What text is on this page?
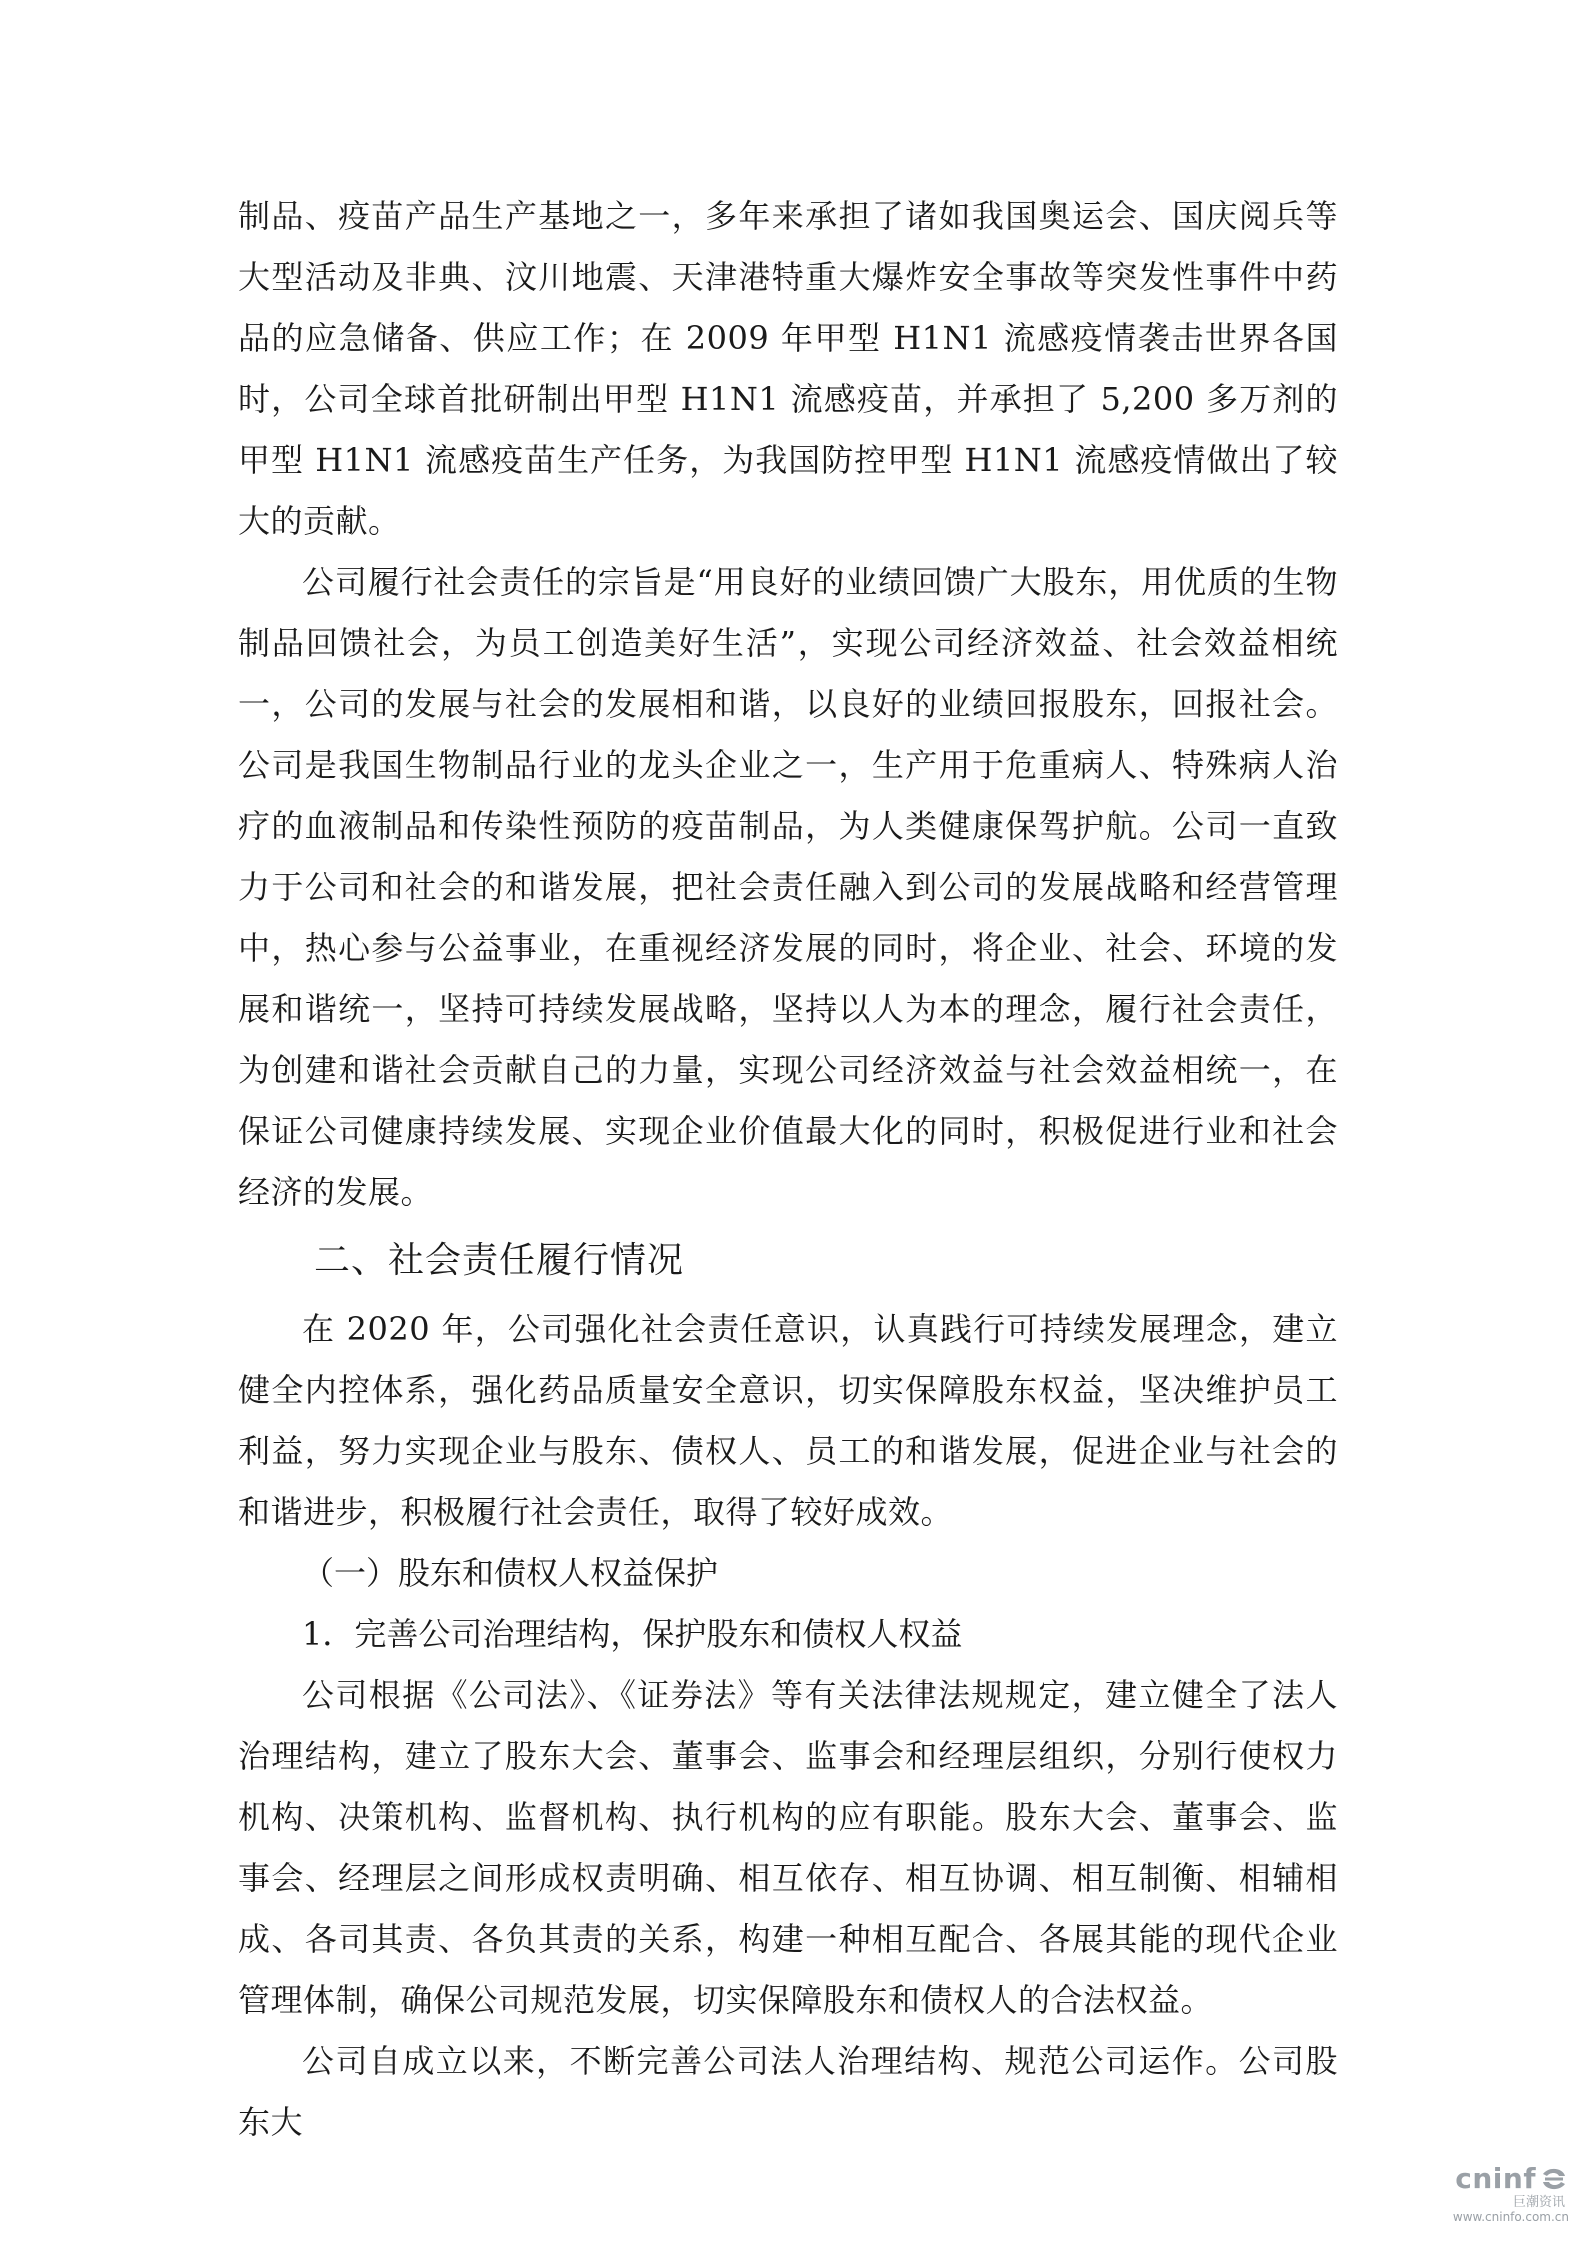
制品、疫苗产品生产基地之一，多年来承担了诸如我国奥运会、国庆阅兵等大型活动及非典、汶川地震、天津港特重大爆炸安全事故等突发性事件中药品的应急储备、供应工作；在 2009 年甲型 H1N1 流感疫情袭击世界各国时，公司全球首批研制出甲型 H1N1 流感疫苗，并承担了 5,200 多万剂的甲型 H1N1 流感疫苗生产任务，为我国防控甲型 H1N1 流感疫情做出了较大的贡献。

公司履行社会责任的宗旨是“用良好的业绩回馈广大股东，用优质的生物制品回馈社会，为员工创造美好生活”，实现公司经济效益、社会效益相统一，公司的发展与社会的发展相和谐，以良好的业绩回报股东，回报社会。公司是我国生物制品行业的龙头企业之一，生产用于危重病人、特殊病人治疗的血液制品和传染性预防的疫苗制品，为人类健康保驾护航。公司一直致力于公司和社会的和谐发展，把社会责任融入到公司的发展战略和经营管理中，热心参与公益事业，在重视经济发展的同时，将企业、社会、环境的发展和谐统一，坚持可持续发展战略，坚持以人为本的理念，履行社会责任，为创建和谐社会贡献自己的力量，实现公司经济效益与社会效益相统一，在保证公司健康持续发展、实现企业价值最大化的同时，积极促进行业和社会经济的发展。

二、社会责任履行情况

在 2020 年，公司强化社会责任意识，认真践行可持续发展理念，建立健全内控体系，强化药品质量安全意识，切实保障股东权益，坚决维护员工利益，努力实现企业与股东、债权人、员工的和谐发展，促进企业与社会的和谐进步，积极履行社会责任，取得了较好成效。

（一）股东和债权人权益保护

1．完善公司治理结构，保护股东和债权人权益

公司根据《公司法》、《证券法》等有关法律法规规定，建立健全了法人治理结构，建立了股东大会、董事会、监事会和经理层组织，分别行使权力机构、决策机构、监督机构、执行机构的应有职能。股东大会、董事会、监事会、经理层之间形成权责明确、相互依存、相互协调、相互制衡、相辅相成、各司其责、各负其责的关系，构建一种相互配合、各展其能的现代企业管理体制，确保公司规范发展，切实保障股东和债权人的合法权益。

公司自成立以来，不断完善公司法人治理结构、规范公司运作。公司股东大

cninf
巨潮资讯
www.cninfo.com.cn
